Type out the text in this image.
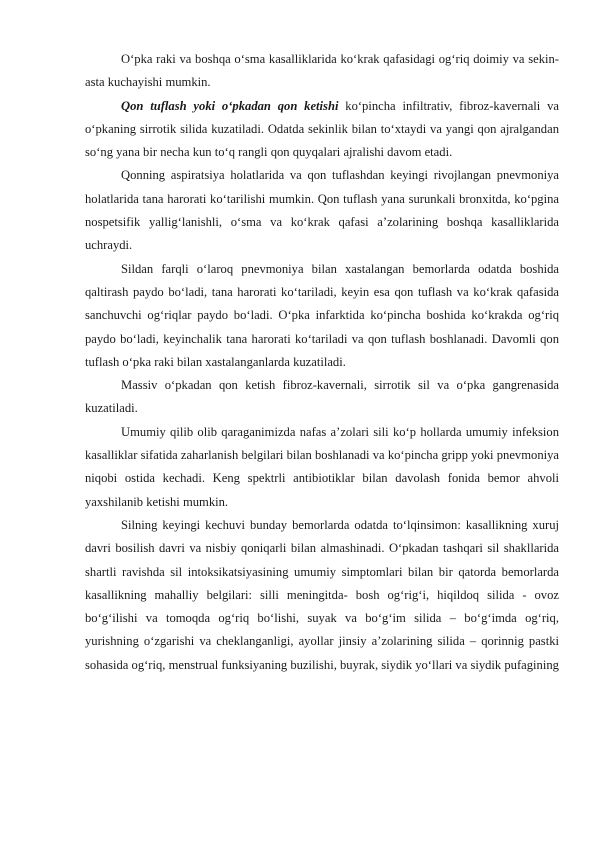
O‘pka raki va boshqa o‘sma kasalliklarida ko‘krak qafasidagi og‘riq doimiy va sekin-asta kuchayishi mumkin.

Qon tuflash yoki o‘pkadan qon ketishi ko‘pincha infiltrativ, fibroz-kavernali va o‘pkaning sirrotik silida kuzatiladi. Odatda sekinlik bilan to‘xtaydi va yangi qon ajralgandan so‘ng yana bir necha kun to‘q rangli qon quyqalari ajralishi davom etadi.

Qonning aspiratsiya holatlarida va qon tuflashdan keyingi rivojlangan pnevmoniya holatlarida tana harorati ko‘tarilishi mumkin. Qon tuflash yana surunkali bronxitda, ko‘pgina nospetsifik yallig‘lanishli, o‘sma va ko‘krak qafasi a’zolarining boshqa kasalliklarida uchraydi.

Sildan farqli o‘laroq pnevmoniya bilan xastalangan bemorlarda odatda boshida qaltirash paydo bo‘ladi, tana harorati ko‘tariladi, keyin esa qon tuflash va ko‘krak qafasida sanchuvchi og‘riqlar paydo bo‘ladi. O‘pka infarktida ko‘pincha boshida ko‘krakda og‘riq paydo bo‘ladi, keyinchalik tana harorati ko‘tariladi va qon tuflash boshlanadi. Davomli qon tuflash o‘pka raki bilan xastalanganlarda kuzatiladi.

Massiv o‘pkadan qon ketish fibroz-kavernali, sirrotik sil va o‘pka gangrenasida kuzatiladi.

Umumiy qilib olib qaraganimizda nafas a’zolari sili ko‘p hollarda umumiy infeksion kasalliklar sifatida zaharlanish belgilari bilan boshlanadi va ko‘pincha gripp yoki pnevmoniya niqobi ostida kechadi. Keng spektrli antibiotiklar bilan davolash fonida bemor ahvoli yaxshilanib ketishi mumkin.

Silning keyingi kechuvi bunday bemorlarda odatda to‘lqinsimon: kasallikning xuruj davri bosilish davri va nisbiy qoniqarli bilan almashinadi. O‘pkadan tashqari sil shakllarida shartli ravishda sil intoksikatsiyasining umumiy simptomlari bilan bir qatorda bemorlarda kasallikning mahalliy belgilari: silli meningitda- bosh og‘rig‘i, hiqildoq silida - ovoz bo‘g‘ilishi va tomoqda og‘riq bo‘lishi, suyak va bo‘g‘im silida – bo‘g‘imda og‘riq, yurishning o‘zgarishi va cheklanganligi, ayollar jinsiy a’zolarining silida – qorinnig pastki sohasida og‘riq, menstrual funksiyaning buzilishi, buyrak, siydik yo‘llari va siydik pufagining
